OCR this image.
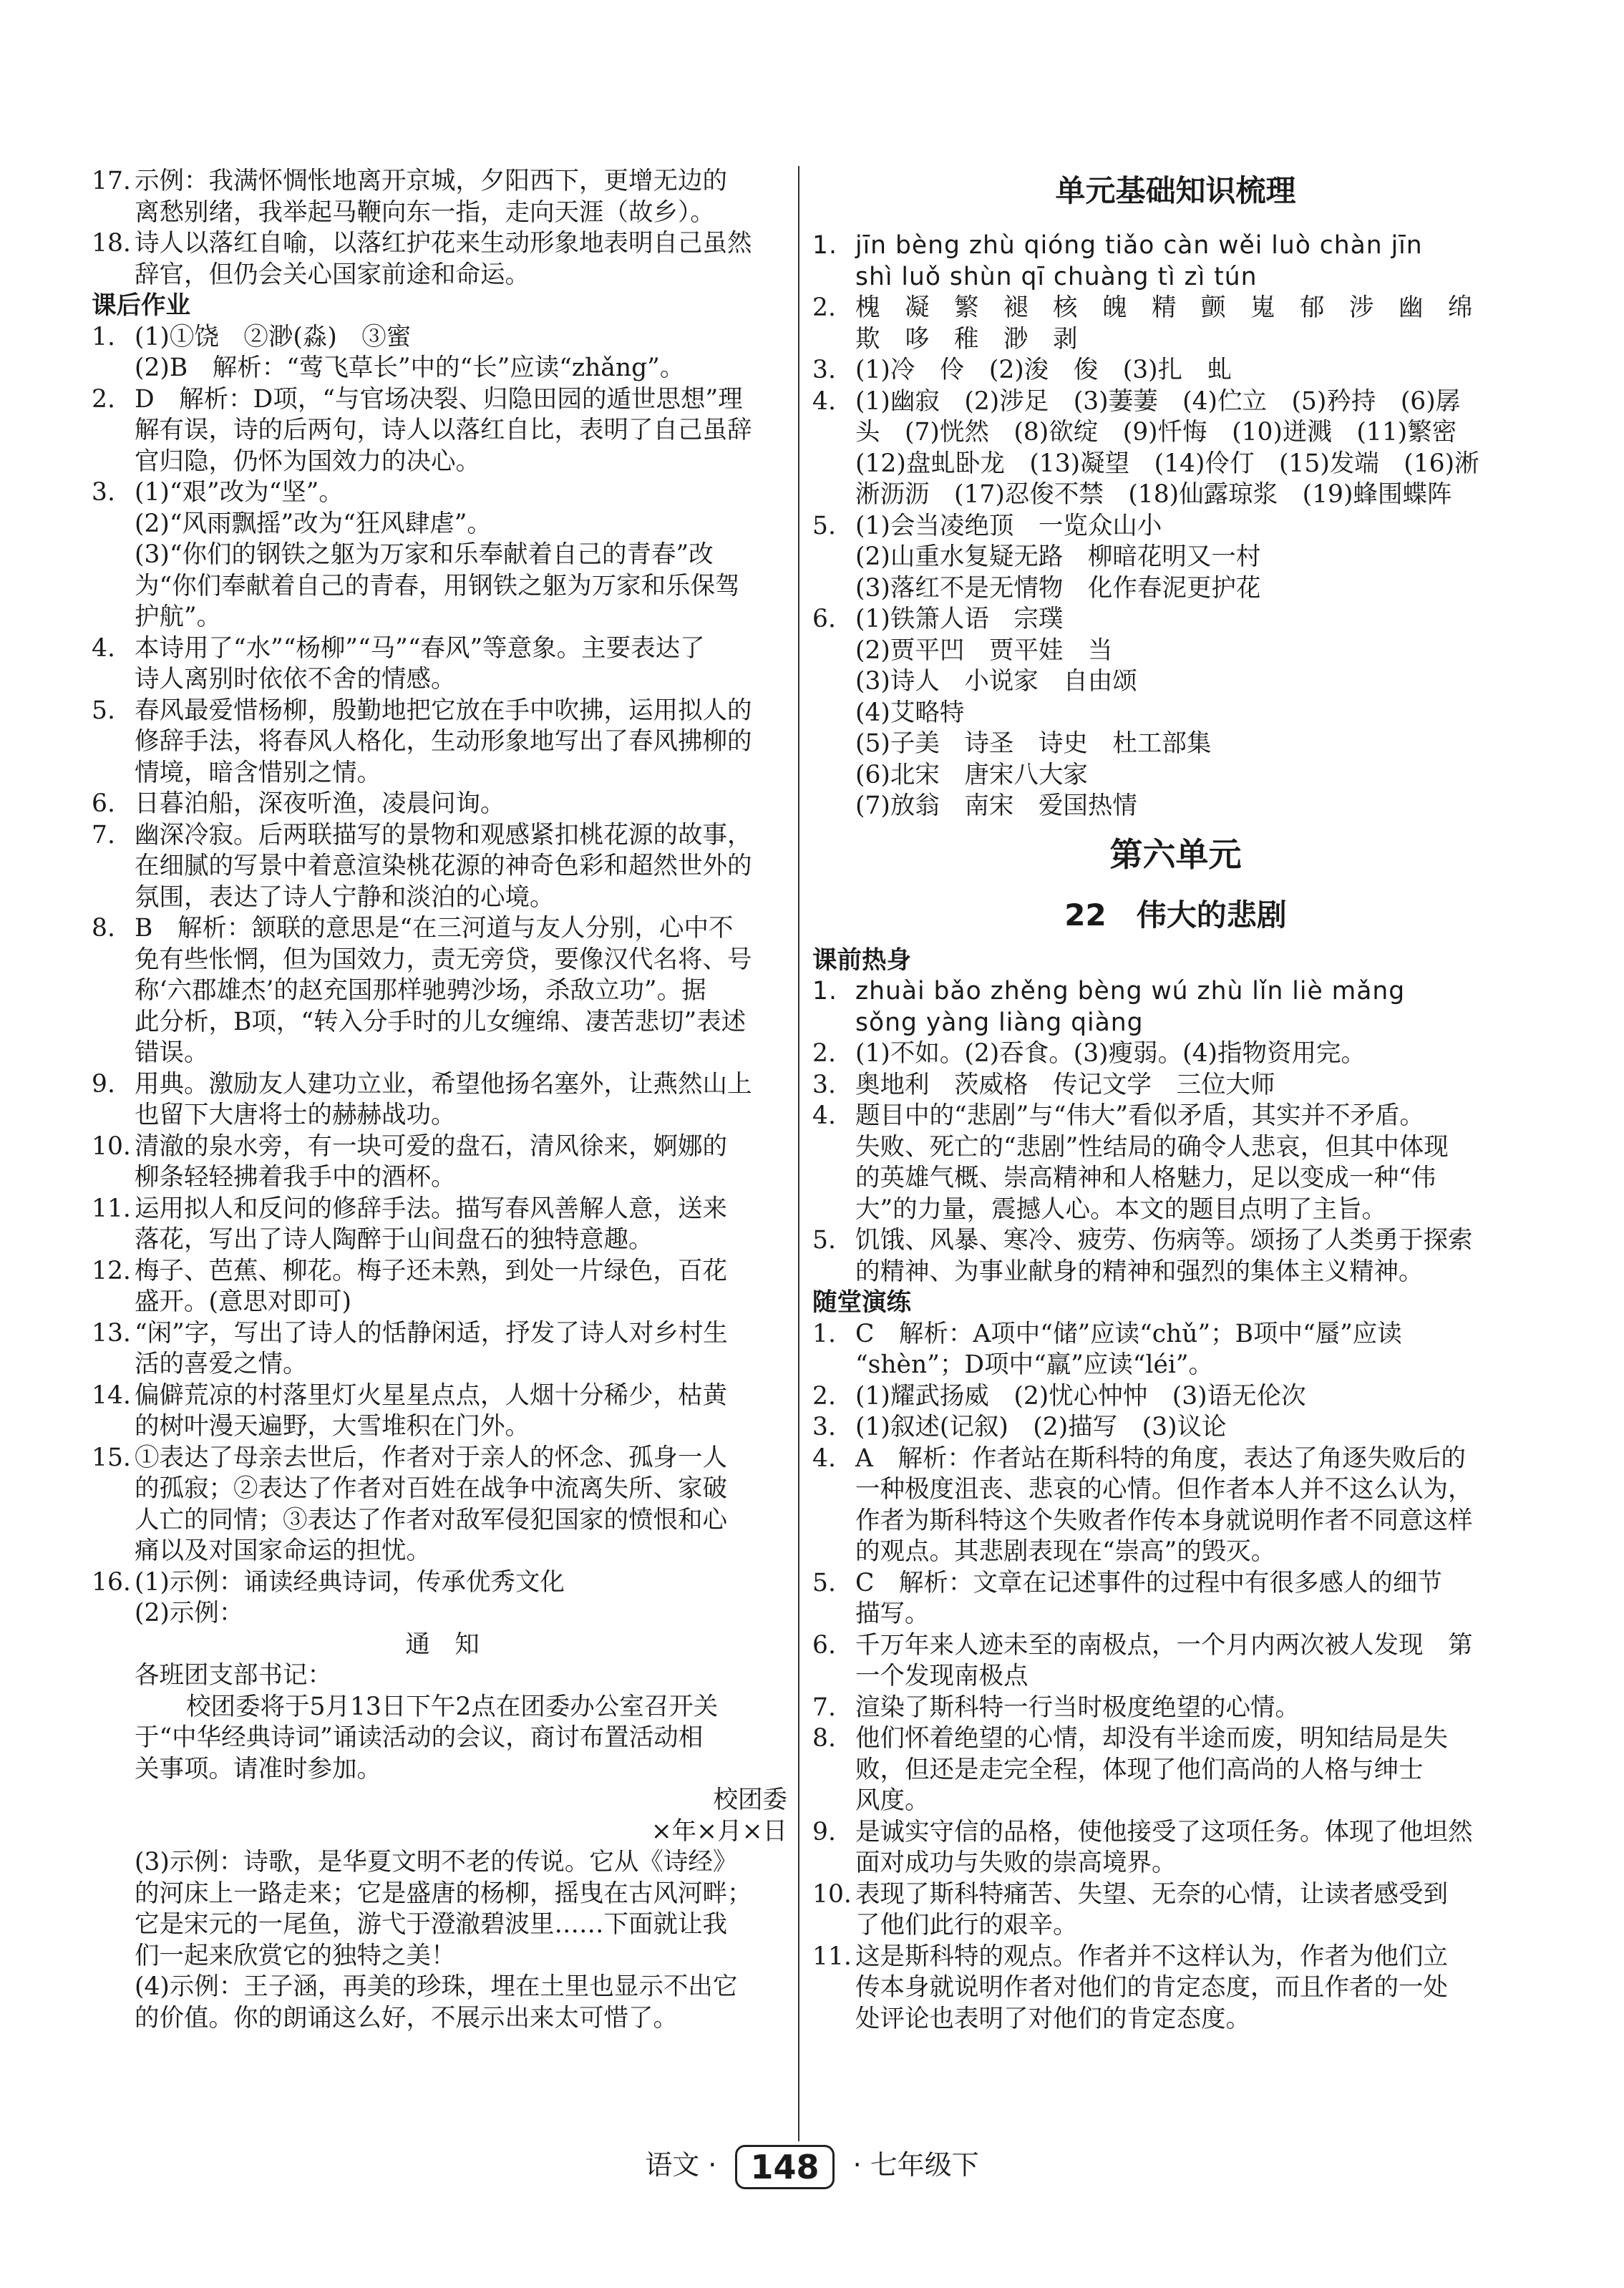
17. 示例：我满怀惆怅地离开京城，夕阳西下，更增无边的
离愁别绪，我举起马鞭向东一指，走向天涯（故乡）。
18. 诗人以落红自喻，以落红护花来生动形象地表明自己虽然
辞官，但仍会关心国家前途和命运。
课后作业
1. (1)①饶　②渺(淼)　③蜜
(2)B　解析：“莺飞草长”中的“长”应读“zhǎng”。
2. D　解析：D项，“与官场决裂、归隐田园的遁世思想”理
解有误，诗的后两句，诗人以落红自比，表明了自己虽辞
官归隐，仍怀为国效力的决心。
3. (1)“艰”改为“坚”。
(2)“风雨飘摇”改为“狂风肆虐”。
(3)“你们的钢铁之躯为万家和乐奉献着自己的青春”改
为“你们奉献着自己的青春，用钢铁之躯为万家和乐保驾
护航”。
4. 本诗用了“水”“杨柳”“马”“春风”等意象。主要表达了
诗人离别时依依不舍的情感。
5. 春风最爱惜杨柳，殷勤地把它放在手中吹拂，运用拟人的
修辞手法，将春风人格化，生动形象地写出了春风拂柳的
情境，暗含惜别之情。
6. 日暮泊船，深夜听渔，凌晨问询。
7. 幽深冷寂。后两联描写的景物和观感紧扣桃花源的故事，
在细腻的写景中着意渲染桃花源的神奇色彩和超然世外的
氛围，表达了诗人宁静和淡泊的心境。
8. B　解析：颔联的意思是“在三河道与友人分别，心中不
免有些怅惘，但为国效力，责无旁贷，要像汉代名将、号
称‘六郡雄杰’的赵充国那样驰骋沙场，杀敌立功”。据
此分析，B项，“转入分手时的儿女缠绵、凄苦悲切”表述
错误。
9. 用典。激励友人建功立业，希望他扬名塞外，让燕然山上
也留下大唐将士的赫赫战功。
10. 清澈的泉水旁，有一块可爱的盘石，清风徐来，婀娜的
柳条轻轻拂着我手中的酒杯。
11. 运用拟人和反问的修辞手法。描写春风善解人意，送来
落花，写出了诗人陶醉于山间盘石的独特意趣。
12. 梅子、芭蕉、柳花。梅子还未熟，到处一片绿色，百花
盛开。(意思对即可)
13. “闲”字，写出了诗人的恬静闲适，抒发了诗人对乡村生
活的喜爱之情。
14. 偏僻荒凉的村落里灯火星星点点，人烟十分稀少，枯黄
的树叶漫天遍野，大雪堆积在门外。
15. ①表达了母亲去世后，作者对于亲人的怀念、孤身一人
的孤寂；②表达了作者对百姓在战争中流离失所、家破
人亡的同情；③表达了作者对敌军侵犯国家的愤恨和心
痛以及对国家命运的担忧。
16. (1)示例：诵读经典诗词，传承优秀文化
(2)示例：
通　知
各班团支部书记：
校团委将于5月13日下午2点在团委办公室召开关
于“中华经典诗词”诵读活动的会议，商讨布置活动相
关事项。请准时参加。
校团委
×年×月×日
(3)示例：诗歌，是华夏文明不老的传说。它从《诗经》
的河床上一路走来；它是盛唐的杨柳，摇曳在古风河畔；
它是宋元的一尾鱼，游弋于澄澈碧波里……下面就让我
们一起来欣赏它的独特之美！
(4)示例：王子涵，再美的珍珠，埋在土里也显示不出它
的价值。你的朗诵这么好，不展示出来太可惜了。
单元基础知识梳理
1. jīn bèng zhù qióng tiǎo càn wěi luò chàn jīn
shì luǒ shùn qī chuàng tì zì tún
2. 槐　凝　繁　褪　核　魄　精　颤　嵬　郁　涉　幽　绵
欺　哆　稚　渺　剥
3. (1)冷　伶　(2)浚　俊　(3)扎　虬
4. (1)幽寂　(2)涉足　(3)萋萋　(4)伫立　(5)矜持　(6)孱
头　(7)恍然　(8)欲绽　(9)忏悔　(10)迸溅　(11)繁密
(12)盘虬卧龙　(13)凝望　(14)伶仃　(15)发端　(16)淅
淅沥沥　(17)忍俊不禁　(18)仙露琼浆　(19)蜂围蝶阵
5. (1)会当凌绝顶　一览众山小
(2)山重水复疑无路　柳暗花明又一村
(3)落红不是无情物　化作春泥更护花
6. (1)铁箫人语　宗璞
(2)贾平凹　贾平娃　当
(3)诗人　小说家　自由颂
(4)艾略特
(5)子美　诗圣　诗史　杜工部集
(6)北宋　唐宋八大家
(7)放翁　南宋　爱国热情
第六单元
22　伟大的悲剧
课前热身
1. zhuài bǎo zhěng bèng wú zhù lǐn liè mǎng
sǒng yàng liàng qiàng
2. (1)不如。(2)吞食。(3)瘦弱。(4)指物资用完。
3. 奥地利　茨威格　传记文学　三位大师
4. 题目中的“悲剧”与“伟大”看似矛盾，其实并不矛盾。
失败、死亡的“悲剧”性结局的确令人悲哀，但其中体现
的英雄气概、崇高精神和人格魅力，足以变成一种“伟
大”的力量，震撼人心。本文的题目点明了主旨。
5. 饥饿、风暴、寒冷、疲劳、伤病等。颂扬了人类勇于探索
的精神、为事业献身的精神和强烈的集体主义精神。
随堂演练
1. C　解析：A项中“储”应读“chǔ”；B项中“蜃”应读
“shèn”；D项中“羸”应读“léi”。
2. (1)耀武扬威　(2)忧心忡忡　(3)语无伦次
3. (1)叙述(记叙)　(2)描写　(3)议论
4. A　解析：作者站在斯科特的角度，表达了角逐失败后的
一种极度沮丧、悲哀的心情。但作者本人并不这么认为，
作者为斯科特这个失败者作传本身就说明作者不同意这样
的观点。其悲剧表现在“崇高”的毁灭。
5. C　解析：文章在记述事件的过程中有很多感人的细节
描写。
6. 千万年来人迹未至的南极点，一个月内两次被人发现　第
一个发现南极点
7. 渲染了斯科特一行当时极度绝望的心情。
8. 他们怀着绝望的心情，却没有半途而废，明知结局是失
败，但还是走完全程，体现了他们高尚的人格与绅士
风度。
9. 是诚实守信的品格，使他接受了这项任务。体现了他坦然
面对成功与失败的崇高境界。
10. 表现了斯科特痛苦、失望、无奈的心情，让读者感受到
了他们此行的艰辛。
11. 这是斯科特的观点。作者并不这样认为，作者为他们立
传本身就说明作者对他们的肯定态度，而且作者的一处
处评论也表明了对他们的肯定态度。
语文 · 148 · 七年级下
